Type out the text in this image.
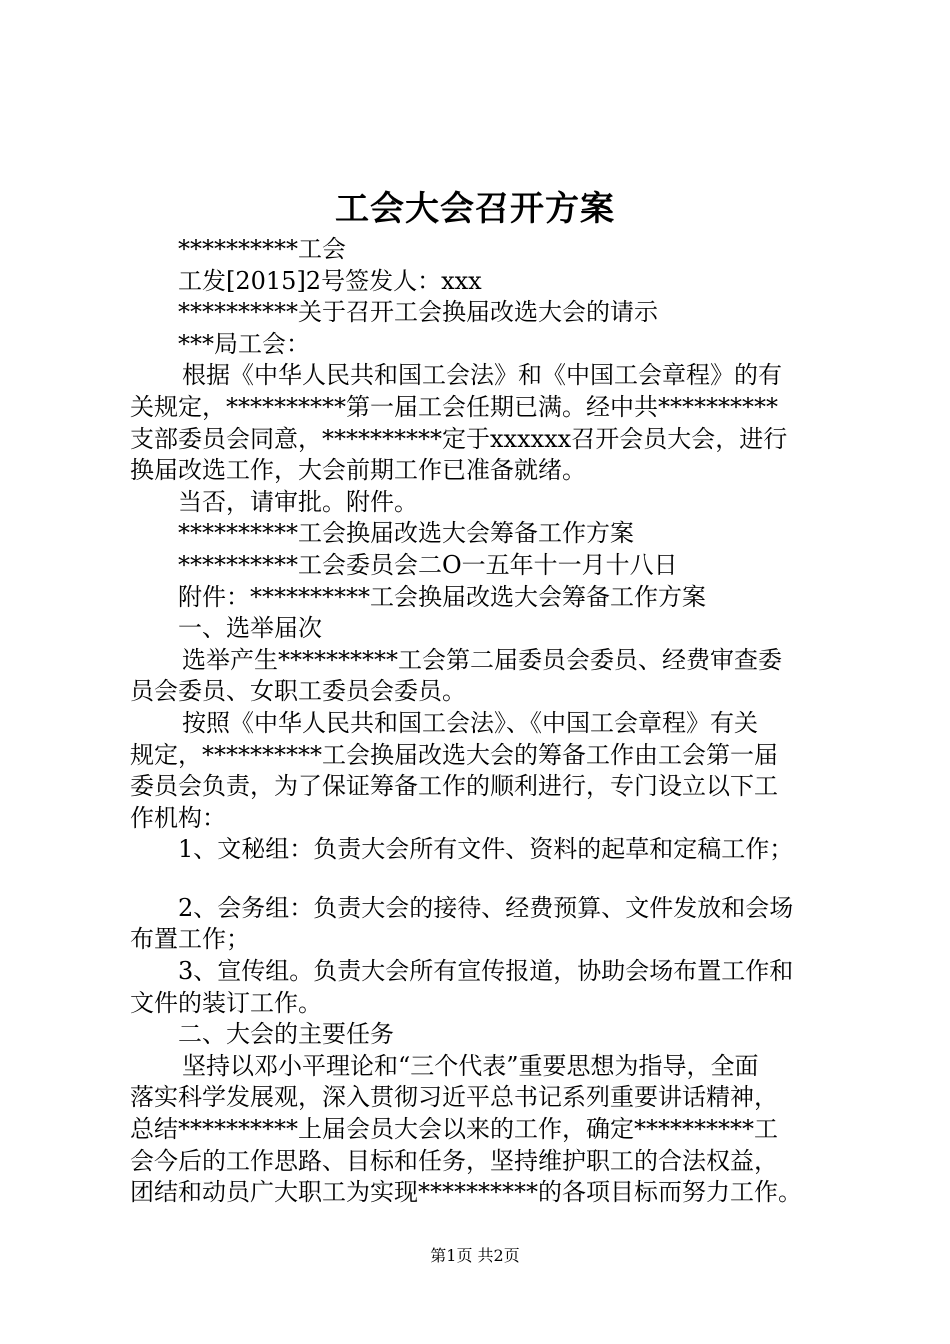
工会大会召开方案
**********工会
工发[2015]2号签发人：xxx
**********关于召开工会换届改选大会的请示
***局工会：
根据《中华人民共和国工会法》和《中国工会章程》的有
关规定，**********第一届工会任期已满。经中共**********
支部委员会同意，**********定于xxxxxx召开会员大会，进行
换届改选工作，大会前期工作已准备就绪。
当否，请审批。附件。
**********工会换届改选大会筹备工作方案
**********工会委员会二O一五年十一月十八日
附件：**********工会换届改选大会筹备工作方案
一、选举届次
选举产生**********工会第二届委员会委员、经费审查委
员会委员、女职工委员会委员。
按照《中华人民共和国工会法》、《中国工会章程》有关
规定，**********工会换届改选大会的筹备工作由工会第一届
委员会负责，为了保证筹备工作的顺利进行，专门设立以下工
作机构：
1、文秘组：负责大会所有文件、资料的起草和定稿工作；
2、会务组：负责大会的接待、经费预算、文件发放和会场
布置工作；
3、宣传组。负责大会所有宣传报道，协助会场布置工作和
文件的装订工作。
二、大会的主要任务
坚持以邓小平理论和“三个代表”重要思想为指导，全面
落实科学发展观，深入贯彻习近平总书记系列重要讲话精神，
总结**********上届会员大会以来的工作，确定**********工
会今后的工作思路、目标和任务，坚持维护职工的合法权益，
团结和动员广大职工为实现**********的各项目标而努力工作。
第1页 共2页
